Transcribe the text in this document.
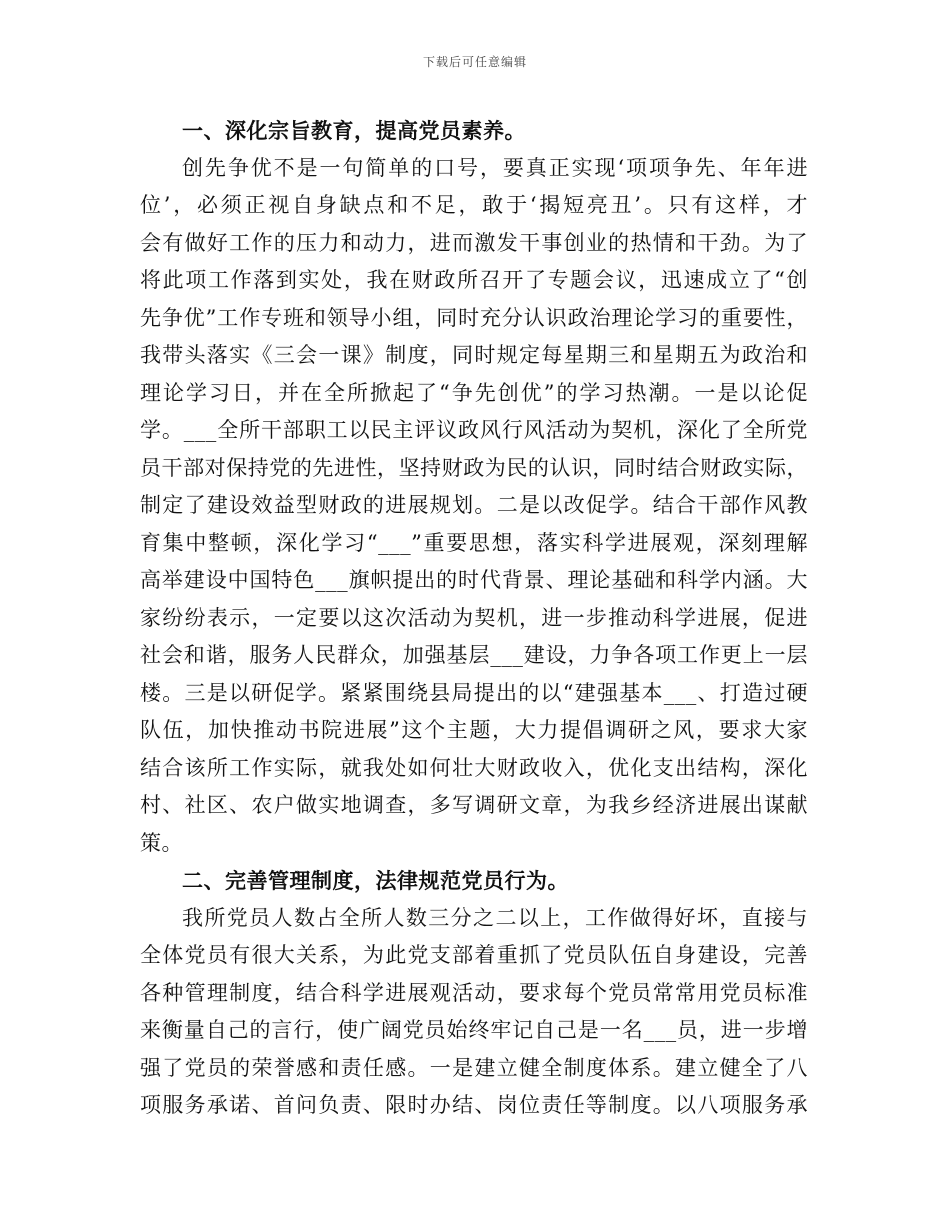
下载后可任意编辑
一、深化宗旨教育，提高党员素养。
创先争优不是一句简单的口号，要真正实现‘项项争先、年年进
位’，必须正视自身缺点和不足，敢于‘揭短亮丑’。只有这样，才
会有做好工作的压力和动力，进而激发干事创业的热情和干劲。为了
将此项工作落到实处，我在财政所召开了专题会议，迅速成立了“创
先争优”工作专班和领导小组，同时充分认识政治理论学习的重要性，
我带头落实《三会一课》制度，同时规定每星期三和星期五为政治和
理论学习日，并在全所掀起了“争先创优”的学习热潮。一是以论促
学。___全所干部职工以民主评议政风行风活动为契机，深化了全所党
员干部对保持党的先进性，坚持财政为民的认识，同时结合财政实际，
制定了建设效益型财政的进展规划。二是以改促学。结合干部作风教
育集中整顿，深化学习“___”重要思想，落实科学进展观，深刻理解
高举建设中国特色___旗帜提出的时代背景、理论基础和科学内涵。大
家纷纷表示，一定要以这次活动为契机，进一步推动科学进展，促进
社会和谐，服务人民群众，加强基层___建设，力争各项工作更上一层
楼。三是以研促学。紧紧围绕县局提出的以“建强基本___、打造过硬
队伍，加快推动书院进展”这个主题，大力提倡调研之风，要求大家
结合该所工作实际，就我处如何壮大财政收入，优化支出结构，深化
村、社区、农户做实地调查，多写调研文章，为我乡经济进展出谋献
策。
二、完善管理制度，法律规范党员行为。
我所党员人数占全所人数三分之二以上，工作做得好坏，直接与
全体党员有很大关系，为此党支部着重抓了党员队伍自身建设，完善
各种管理制度，结合科学进展观活动，要求每个党员常常用党员标准
来衡量自己的言行，使广阔党员始终牢记自己是一名___员，进一步增
强了党员的荣誉感和责任感。一是建立健全制度体系。建立健全了八
项服务承诺、首问负责、限时办结、岗位责任等制度。以八项服务承
